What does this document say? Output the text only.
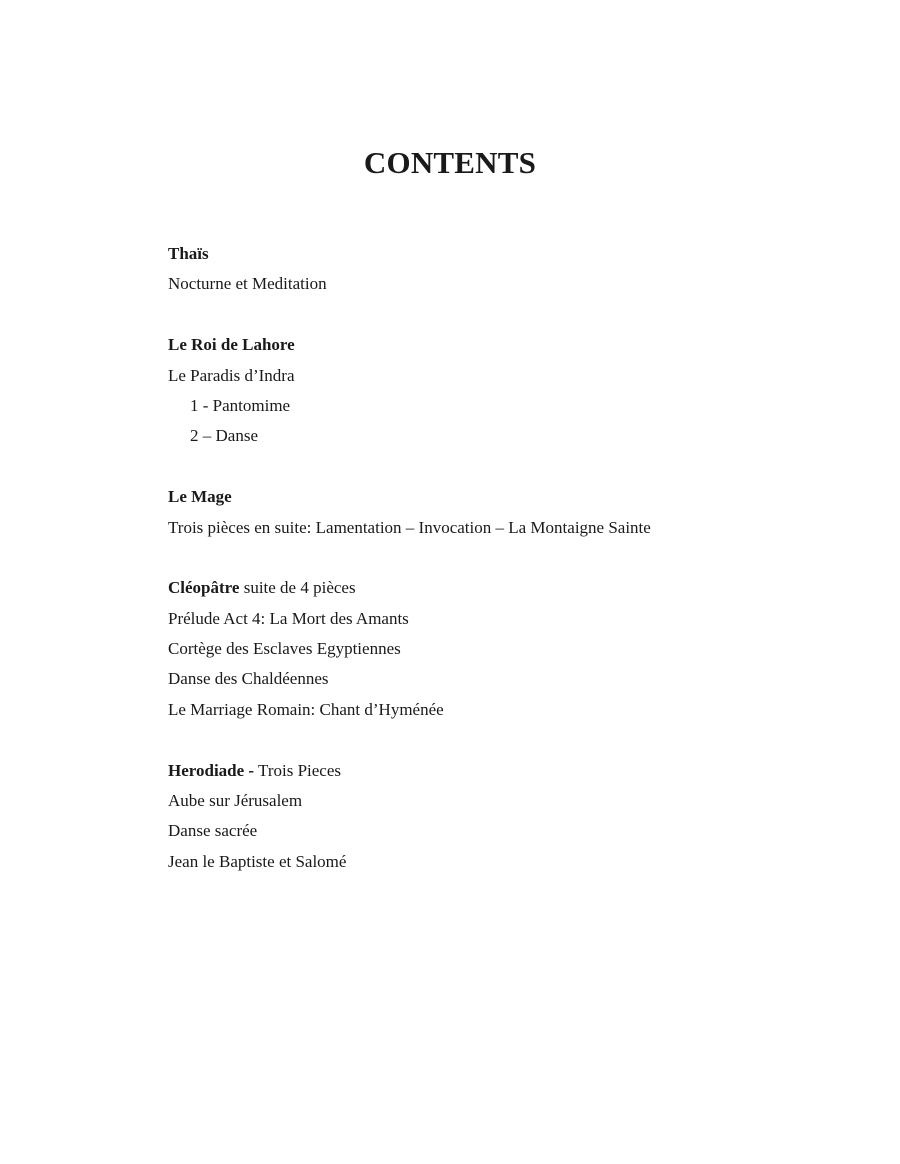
CONTENTS
Thaïs
Nocturne et Meditation
Le Roi de Lahore
Le Paradis d’Indra
1 - Pantomime
2 – Danse
Le Mage
Trois pièces en suite: Lamentation – Invocation – La Montaigne Sainte
Cléopâtre suite de 4 pièces
Prélude Act 4: La Mort des Amants
Cortège des Esclaves Egyptiennes
Danse des Chaldéennes
Le Marriage Romain: Chant d’Hyménée
Herodiade - Trois Pieces
Aube sur Jérusalem
Danse sacrée
Jean le Baptiste et Salomé
